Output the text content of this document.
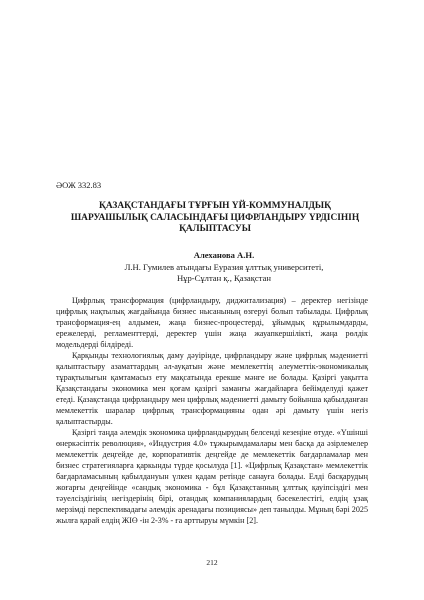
ӘОЖ 332.83
ҚАЗАҚСТАНДАҒЫ ТҰРҒЫН ҮЙ-КОММУНАЛДЫҚ
ШАРУАШЫЛЫҚ САЛАСЫНДАҒЫ ЦИФРЛАНДЫРУ ҮРДІСІНІҢ
ҚАЛЫПТАСУЫ
Алеханова А.Н.
Л.Н. Гумилев атындағы Еуразия ұлттық университеті,
Нұр-Сұлтан қ., Қазақстан

Цифрлық трансформация (цифрландыру, диджитализация) – деректер негізінде цифрлық нақтылық жағдайында бизнес нысанының өзгеруі болып табылады. Цифрлық трансформация-ең алдымен, жаңа бизнес-процестерді, ұйымдық құрылымдарды, ережелерді, регламенттерді, деректер үшін жаңа жауапкершілікті, жаңа рөлдік модельдерді білдіреді.

Қарқынды технологиялық даму дәуірінде, цифрландыру және цифрлық мәдениетті қалыптастыру азаматтардың әл-ауқатын және мемлекеттің әлеуметтік-экономикалық тұрақтылығын қамтамасыз ету мақсатында ерекше мәнге ие болады. Қазіргі уақытта Қазақстандағы экономика мен қоғам қазіргі заманғы жағдайларға бейімделуді қажет етеді. Қазақстанда цифрландыру мен цифрлық мәдениетті дамыту бойынша қабылданған мемлекеттік шаралар цифрлық трансформацияны одан әрі дамыту үшін негіз қалыптастырды.

Қазіргі таңда әлемдік экономика цифрландырудың белсенді кезеңіне өтуде. «Үшінші өнеркәсіптік революция», «Индустрия 4.0» тұжырымдамалары мен басқа да әзірлемелер мемлекеттік деңгейде де, корпоративтік деңгейде де мемлекеттік бағдарламалар мен бизнес стратегияларға қаркынды түрде қосылуда [1]. «Цифрлық Қазақстан» мемлекеттік бағдарламасының қабылдануын үлкен қадам ретінде санауға болады. Елді басқарудың жоғарғы деңгейінде «сандық экономика - бұл Қазақстанның ұлттық қауіпсіздігі мен тәуелсіздігінің негіздерінің бірі, отандық компаниялардың бәсекелестігі, елдің ұзақ мерзімді перспективадағы әлемдік аренадағы позициясы» деп танылды. Мұның бәрі 2025 жылға қарай елдің ЖІӨ -ін 2-3% - ға арттыруы мүмкін [2].

212
